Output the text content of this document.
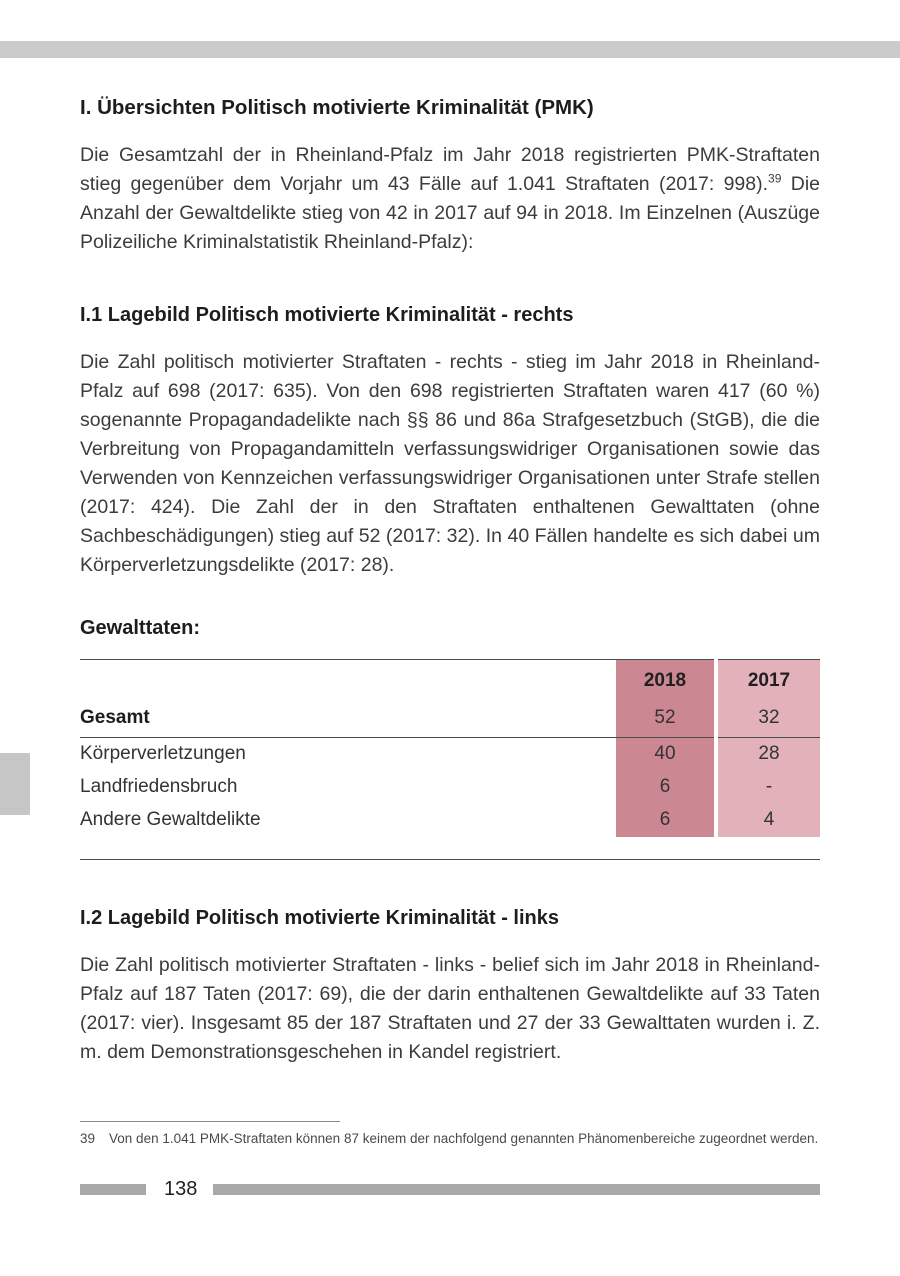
I. Übersichten Politisch motivierte Kriminalität (PMK)

Die Gesamtzahl der in Rheinland-Pfalz im Jahr 2018 registrierten PMK-Straftaten stieg gegenüber dem Vorjahr um 43 Fälle auf 1.041 Straftaten (2017: 998).$^{39}$ Die Anzahl der Gewaltdelikte stieg von 42 in 2017 auf 94 in 2018. Im Einzelnen (Auszüge Polizeiliche Kriminalstatistik Rheinland-Pfalz):

I.1 Lagebild Politisch motivierte Kriminalität - rechts

Die Zahl politisch motivierter Straftaten - rechts - stieg im Jahr 2018 in Rheinland-Pfalz auf 698 (2017: 635). Von den 698 registrierten Straftaten waren 417 (60 %) sogenannte Propagandadelikte nach §§ 86 und 86a Strafgesetzbuch (StGB), die die Verbreitung von Propagandamitteln verfassungswidriger Organisationen sowie das Verwenden von Kennzeichen verfassungswidriger Organisationen unter Strafe stellen (2017: 424). Die Zahl der in den Straftaten enthaltenen Gewalttaten (ohne Sachbeschädigungen) stieg auf 52 (2017: 32). In 40 Fällen handelte es sich dabei um Körperverletzungsdelikte (2017: 28).

Gewalttaten:
	2018	2017
Gesamt	52	32
Körperverletzungen	40	28
Landfriedensbruch	6	-
Andere Gewaltdelikte	6	4
I.2 Lagebild Politisch motivierte Kriminalität - links

Die Zahl politisch motivierter Straftaten - links - belief sich im Jahr 2018 in Rheinland-Pfalz auf 187 Taten (2017: 69), die der darin enthaltenen Gewaltdelikte auf 33 Taten (2017: vier). Insgesamt 85 der 187 Straftaten und 27 der 33 Gewalttaten wurden i. Z. m. dem Demonstrationsgeschehen in Kandel registriert.

39 Von den 1.041 PMK-Straftaten können 87 keinem der nachfolgend genannten Phänomenbereiche zugeordnet werden.
138
